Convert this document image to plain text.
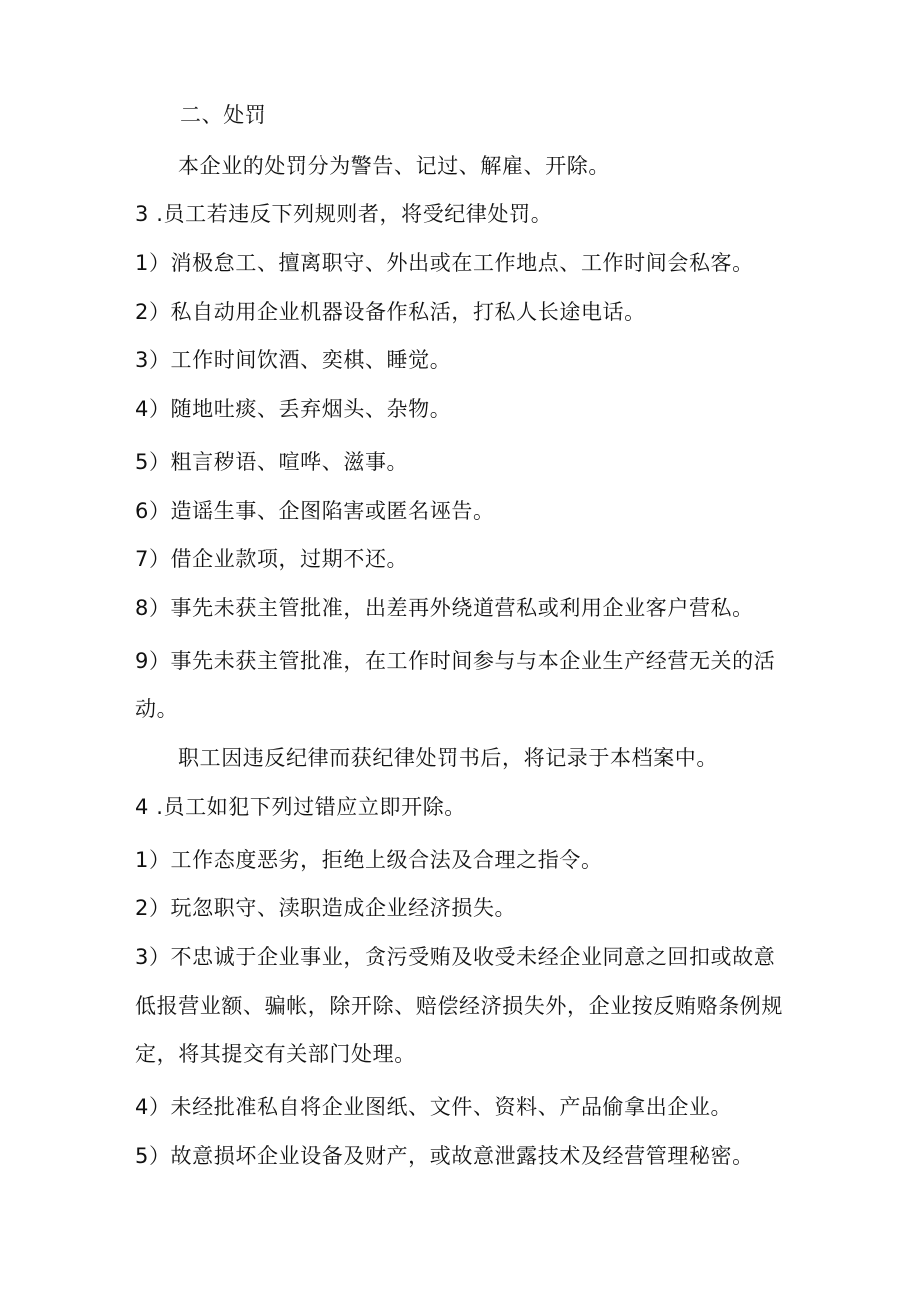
二、处罚
本企业的处罚分为警告、记过、解雇、开除。
3 .员工若违反下列规则者，将受纪律处罚。
1）消极怠工、擅离职守、外出或在工作地点、工作时间会私客。
2）私自动用企业机器设备作私活，打私人长途电话。
3）工作时间饮酒、奕棋、睡觉。
4）随地吐痰、丢弃烟头、杂物。
5）粗言秽语、喧哗、滋事。
6）造谣生事、企图陷害或匿名诬告。
7）借企业款项，过期不还。
8）事先未获主管批准，出差再外绕道营私或利用企业客户营私。
9）事先未获主管批准，在工作时间参与与本企业生产经营无关的活
动。
职工因违反纪律而获纪律处罚书后，将记录于本档案中。
4 .员工如犯下列过错应立即开除。
1）工作态度恶劣，拒绝上级合法及合理之指令。
2）玩忽职守、渎职造成企业经济损失。
3）不忠诚于企业事业，贪污受贿及收受未经企业同意之回扣或故意
低报营业额、骗帐，除开除、赔偿经济损失外，企业按反贿赂条例规
定，将其提交有关部门处理。
4）未经批准私自将企业图纸、文件、资料、产品偷拿出企业。
5）故意损坏企业设备及财产，或故意泄露技术及经营管理秘密。
